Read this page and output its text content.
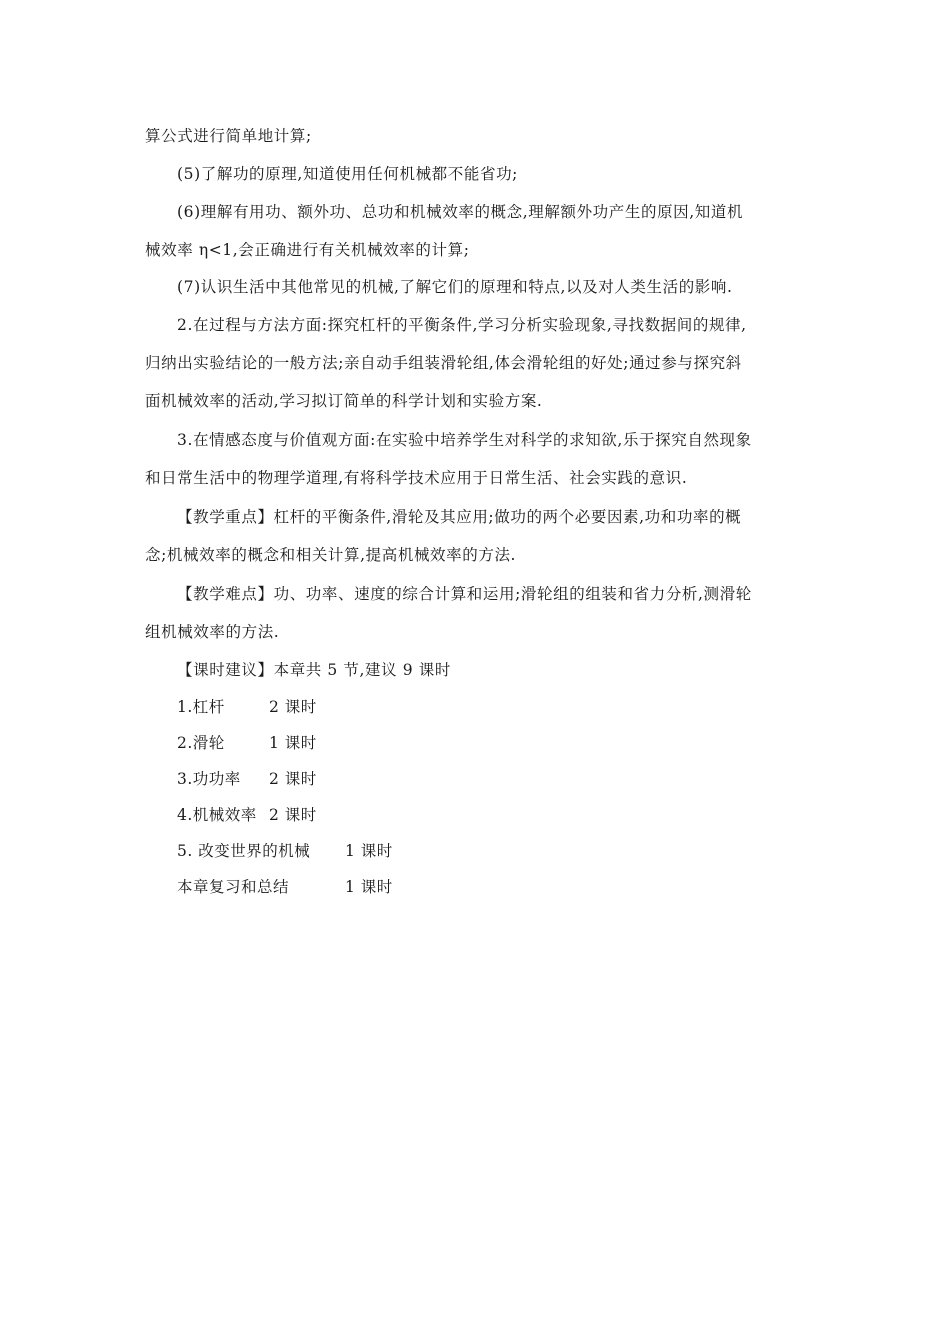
算公式进行简单地计算;
(5)了解功的原理,知道使用任何机械都不能省功;
(6)理解有用功、额外功、总功和机械效率的概念,理解额外功产生的原因,知道机
械效率 η<1,会正确进行有关机械效率的计算;
(7)认识生活中其他常见的机械,了解它们的原理和特点,以及对人类生活的影响.
2.在过程与方法方面:探究杠杆的平衡条件,学习分析实验现象,寻找数据间的规律,
归纳出实验结论的一般方法;亲自动手组装滑轮组,体会滑轮组的好处;通过参与探究斜
面机械效率的活动,学习拟订简单的科学计划和实验方案.
3.在情感态度与价值观方面:在实验中培养学生对科学的求知欲,乐于探究自然现象
和日常生活中的物理学道理,有将科学技术应用于日常生活、社会实践的意识.
【教学重点】杠杆的平衡条件,滑轮及其应用;做功的两个必要因素,功和功率的概
念;机械效率的概念和相关计算,提高机械效率的方法.
【教学难点】功、功率、速度的综合计算和运用;滑轮组的组装和省力分析,测滑轮
组机械效率的方法.
【课时建议】本章共 5 节,建议 9 课时
1.杠杆	2 课时
2.滑轮	1 课时
3.功功率 2 课时
4.机械效率 2 课时
5. 改变世界的机械 1 课时
本章复习和总结	1 课时
